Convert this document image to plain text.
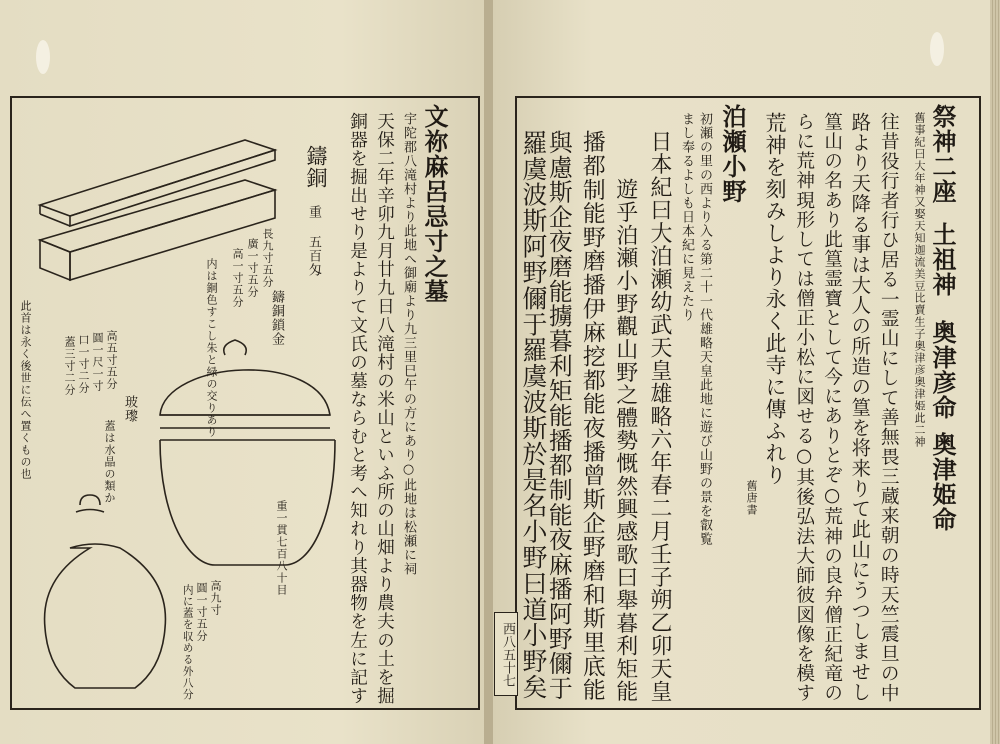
文祢麻呂忌寸之墓
宇陀郡八滝村より此地へ御廟より九三里巳午の方にあり○此地は松瀬に祠
天保二年辛卯九月廿九日八滝村の米山といふ所の山畑より農夫の土を掘
銅器を掘出せり是よりて文氏の墓ならむと考へ知れり其器物を左に記す
鑄銅
重 五百匁
鑄銅鎖金
重一貫七百八十目
長九寸五分
廣一寸五分
高一寸五分
内は銅色すこし朱と緑の交りあり
高五寸五分
圓一尺一寸
口一寸二分
蓋三寸二分
玻瓈
蓋は水晶の類か
高九寸
圓一寸五分
内に蓋を収める外八分
此首は永く後世に伝へ置くもの也
祭神二座
土祖神
奥津彦命
奥津姫命
舊事紀曰大年神又娶天知迦流美豆比賣生子奥津彦奥津姫此二神
往昔役行者行ひ居る一霊山にして善無畏三蔵来朝の時天竺震旦の中
路より天降る事は大人の所造の篁を将来りて此山にうつしませし
篁山の名あり此篁霊寶として今にありとぞ○荒神の良弁僧正紀竜の
らに荒神現形しては僧正小松に図せる○其後弘法大師彼図像を模す
荒神を刻みしより永く此寺に傳ふれり
舊唐書
泊瀬小野
初瀬の里の西より入る第二十一代雄略天皇此地に遊び山野の景を叡覧
まし奉るよしも日本紀に見えたり
日本紀曰大泊瀬幼武天皇雄略六年春二月壬子朔乙卯天皇
遊乎泊瀬小野觀山野之體勢慨然興感歌曰舉暮利矩能
播都制能野磨播伊麻挖都能夜播曾斯企野磨和斯里底能
與慮斯企夜磨能擄暮利矩能播都制能夜麻播阿野儞于
羅虞波斯阿野儞于羅虞波斯於是名小野曰道小野矣
西八五十七
